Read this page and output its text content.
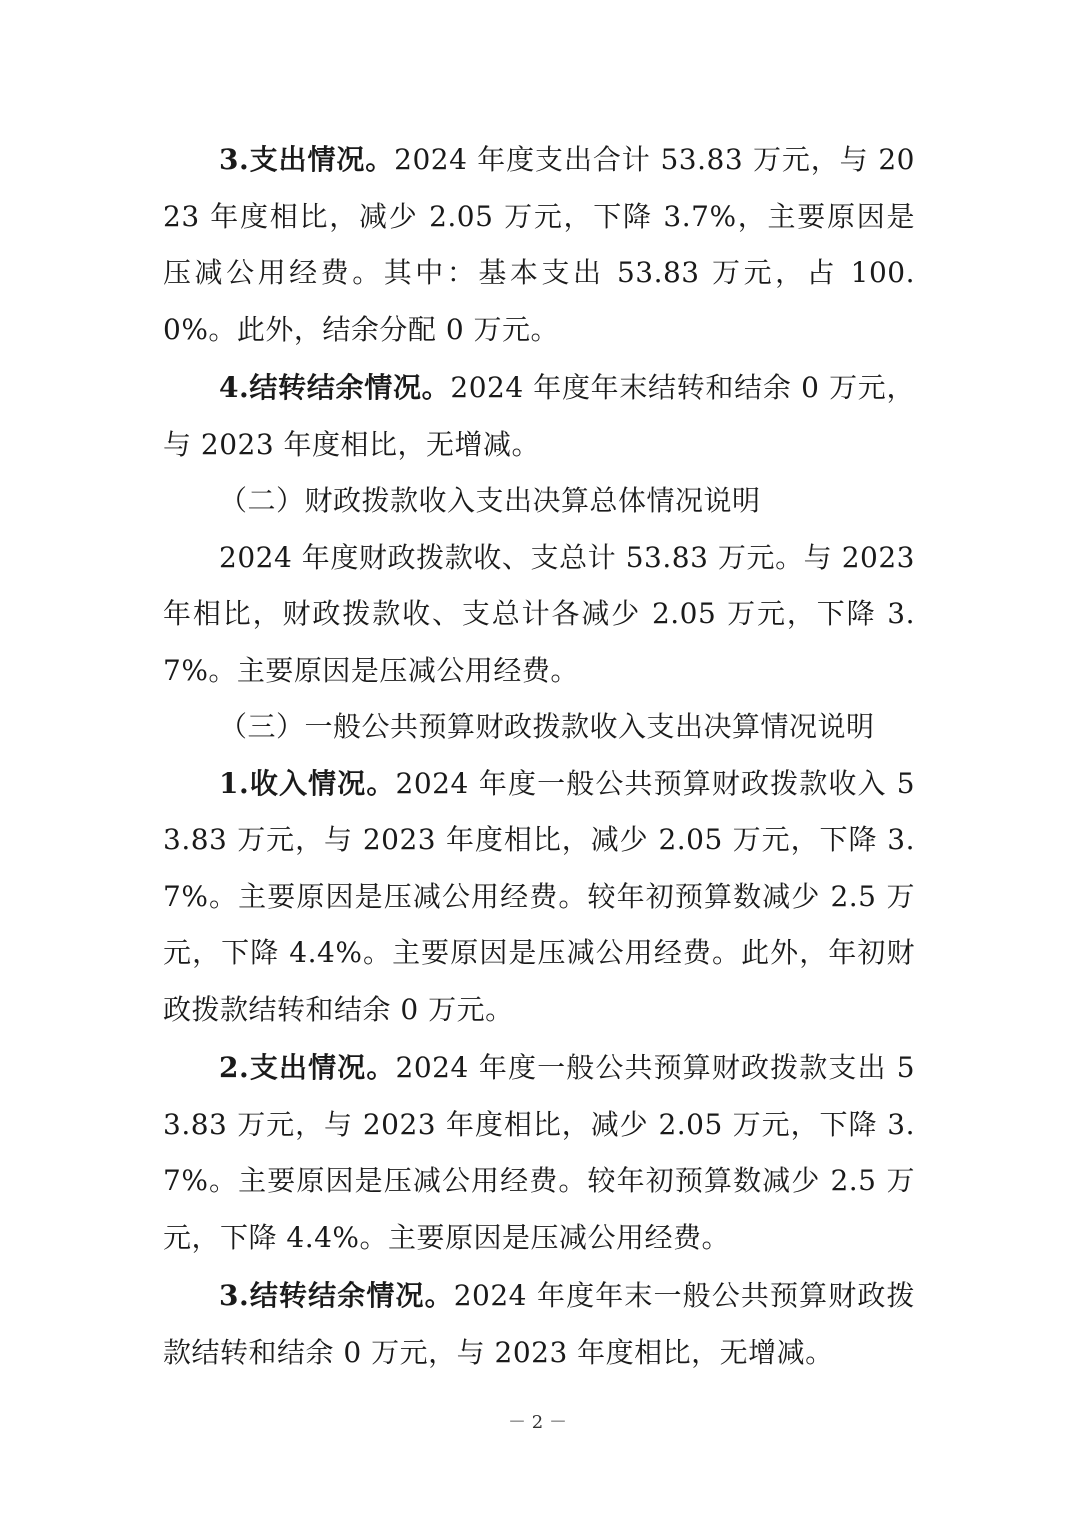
3.支出情况。2024 年度支出合计 53.83 万元，与 2023 年度相比，减少 2.05 万元，下降 3.7%，主要原因是压减公用经费。其中：基本支出 53.83 万元，占 100.0%。此外，结余分配 0 万元。

4.结转结余情况。2024 年度年末结转和结余 0 万元，与 2023 年度相比，无增减。

（二）财政拨款收入支出决算总体情况说明

2024 年度财政拨款收、支总计 53.83 万元。与 2023 年相比，财政拨款收、支总计各减少 2.05 万元，下降 3.7%。主要原因是压减公用经费。

（三）一般公共预算财政拨款收入支出决算情况说明

1.收入情况。2024 年度一般公共预算财政拨款收入 53.83 万元，与 2023 年度相比，减少 2.05 万元，下降 3.7%。主要原因是压减公用经费。较年初预算数减少 2.5 万元，下降 4.4%。主要原因是压减公用经费。此外，年初财政拨款结转和结余 0 万元。

2.支出情况。2024 年度一般公共预算财政拨款支出 53.83 万元，与 2023 年度相比，减少 2.05 万元，下降 3.7%。主要原因是压减公用经费。较年初预算数减少 2.5 万元，下降 4.4%。主要原因是压减公用经费。

3.结转结余情况。2024 年度年末一般公共预算财政拨款结转和结余 0 万元，与 2023 年度相比，无增减。

－ 2 －
